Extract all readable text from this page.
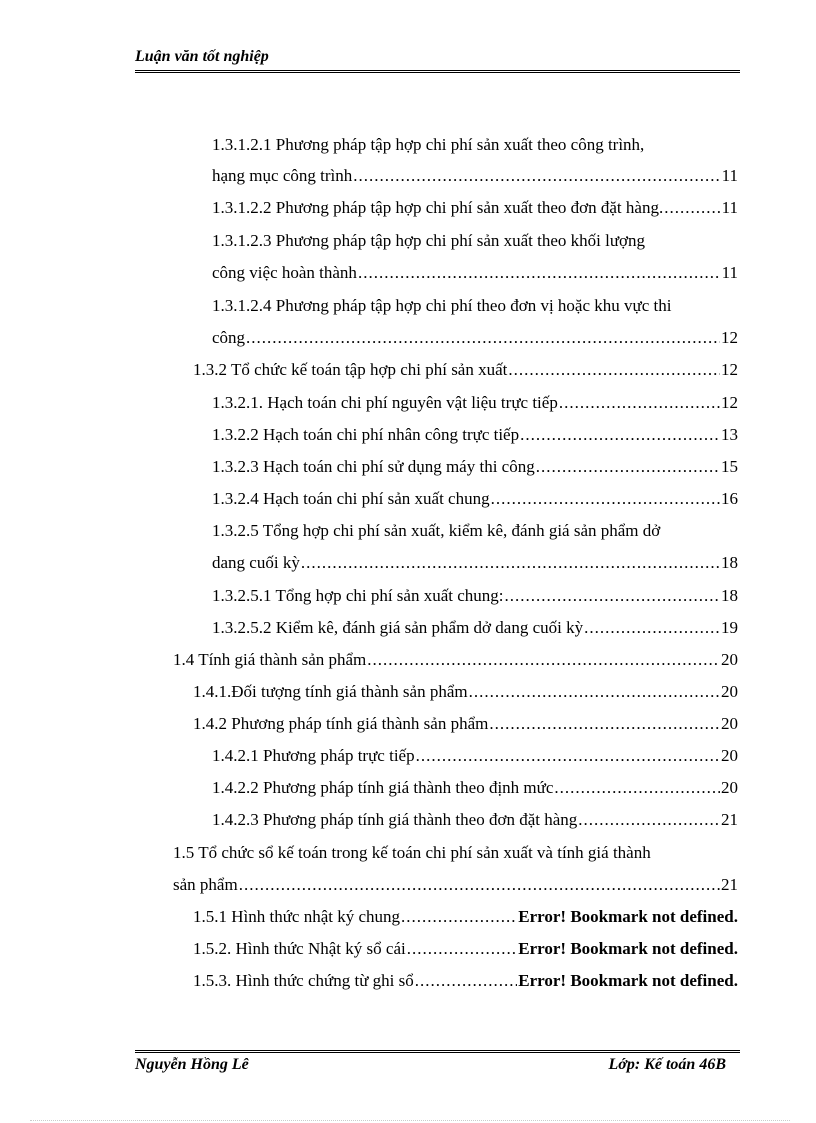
Luận văn tốt nghiệp
1.3.1.2.1 Phương pháp tập hợp chi phí sản xuất theo công trình,
hạng mục công trình .....	11
1.3.1.2.2 Phương pháp tập hợp chi phí sản xuất theo đơn đặt hàng .....	11
1.3.1.2.3 Phương pháp tập hợp chi phí sản xuất theo khối lượng
công việc hoàn thành .....	11
1.3.1.2.4 Phương pháp tập hợp chi phí theo đơn vị hoặc khu vực thi
công .....	12
1.3.2 Tổ chức kế toán tập hợp chi phí sản xuất .....	12
1.3.2.1. Hạch toán chi phí nguyên vật liệu trực tiếp .....	12
1.3.2.2 Hạch toán chi phí nhân công trực tiếp .....	13
1.3.2.3 Hạch toán chi phí sử dụng máy thi công .....	15
1.3.2.4 Hạch toán chi phí sản xuất chung .....	16
1.3.2.5 Tổng hợp chi phí sản xuất, kiểm kê, đánh giá sản phẩm dở
dang cuối kỳ .....	18
1.3.2.5.1 Tổng hợp chi phí sản xuất chung: .....	18
1.3.2.5.2 Kiểm kê, đánh giá sản phẩm dở dang cuối kỳ .....	19
1.4 Tính giá thành sản phẩm .....	20
1.4.1.Đối tượng tính giá thành sản phẩm .....	20
1.4.2 Phương pháp tính giá thành sản phẩm .....	20
1.4.2.1 Phương pháp trực tiếp .....	20
1.4.2.2 Phương pháp tính giá thành theo định mức .....	20
1.4.2.3 Phương pháp tính giá thành theo đơn đặt hàng .....	21
1.5 Tổ chức sổ kế toán trong kế toán chi phí sản xuất và tính giá thành
sản phẩm .....	21
1.5.1 Hình thức nhật ký chung .....	Error! Bookmark not defined.
1.5.2. Hình thức Nhật ký sổ cái .....	Error! Bookmark not defined.
1.5.3. Hình thức chứng từ ghi sổ .....	Error! Bookmark not defined.
Nguyễn Hồng Lê	Lớp: Kế toán 46B
